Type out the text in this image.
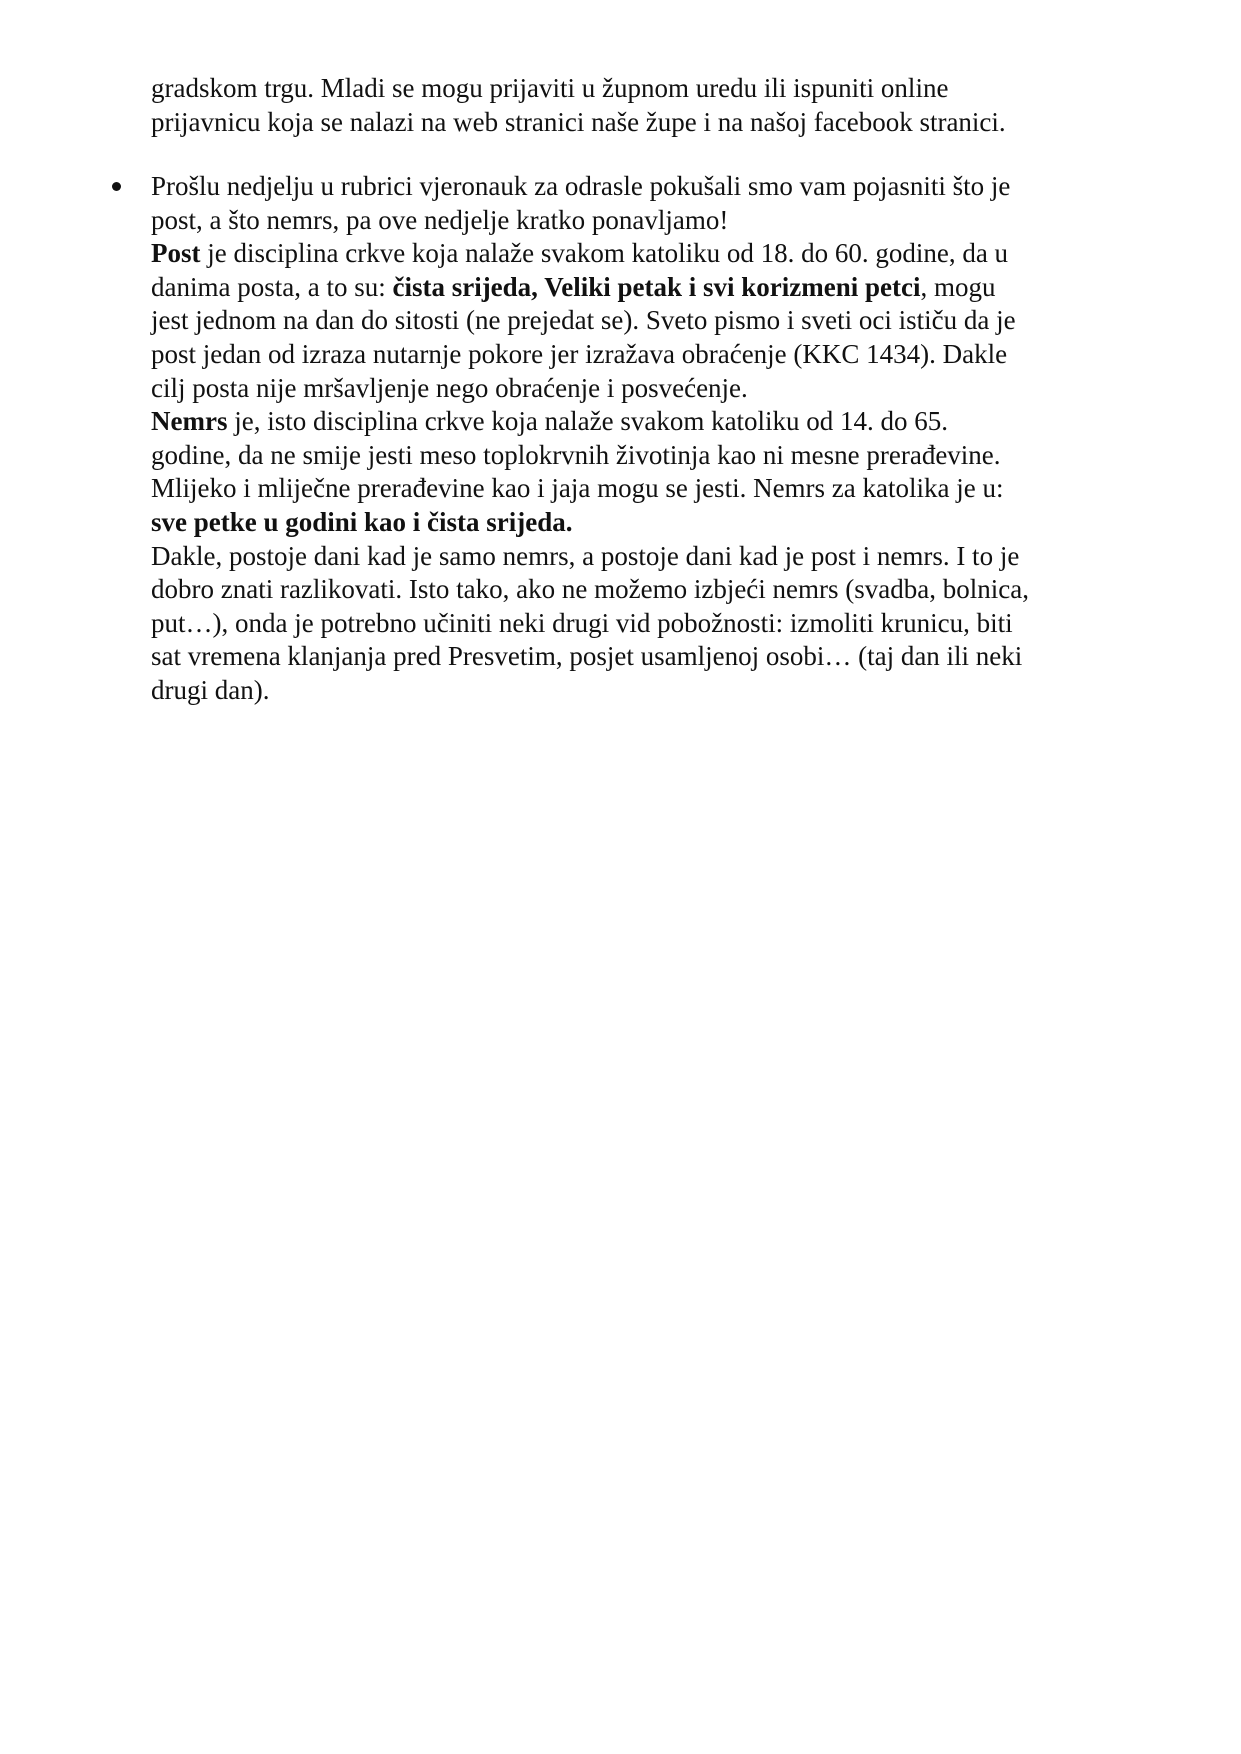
gradskom trgu. Mladi se mogu prijaviti u župnom uredu ili ispuniti online
prijavnicu koja se nalazi na web stranici naše župe i na našoj facebook stranici.
Prošlu nedjelju u rubrici vjeronauk za odrasle pokušali smo vam pojasniti što je
post, a što nemrs, pa ove nedjelje kratko ponavljamo!
Post je disciplina crkve koja nalaže svakom katoliku od 18. do 60. godine, da u
danima posta, a to su: čista srijeda, Veliki petak i svi korizmeni petci, mogu
jest jednom na dan do sitosti (ne prejedat se). Sveto pismo i sveti oci ističu da je
post jedan od izraza nutarnje pokore jer izražava obraćenje (KKC 1434). Dakle
cilj posta nije mršavljenje nego obraćenje i posvećenje.
Nemrs je, isto disciplina crkve koja nalaže svakom katoliku od 14. do 65.
godine, da ne smije jesti meso toplokrvnih životinja kao ni mesne prerađevine.
Mlijeko i mliječne prerađevine kao i jaja mogu se jesti. Nemrs za katolika je u:
sve petke u godini kao i čista srijeda.
Dakle, postoje dani kad je samo nemrs, a postoje dani kad je post i nemrs. I to je
dobro znati razlikovati. Isto tako, ako ne možemo izbjeći nemrs (svadba, bolnica,
put…), onda je potrebno učiniti neki drugi vid pobožnosti: izmoliti krunicu, biti
sat vremena klanjanja pred Presvetim, posjet usamljenoj osobi… (taj dan ili neki
drugi dan).
